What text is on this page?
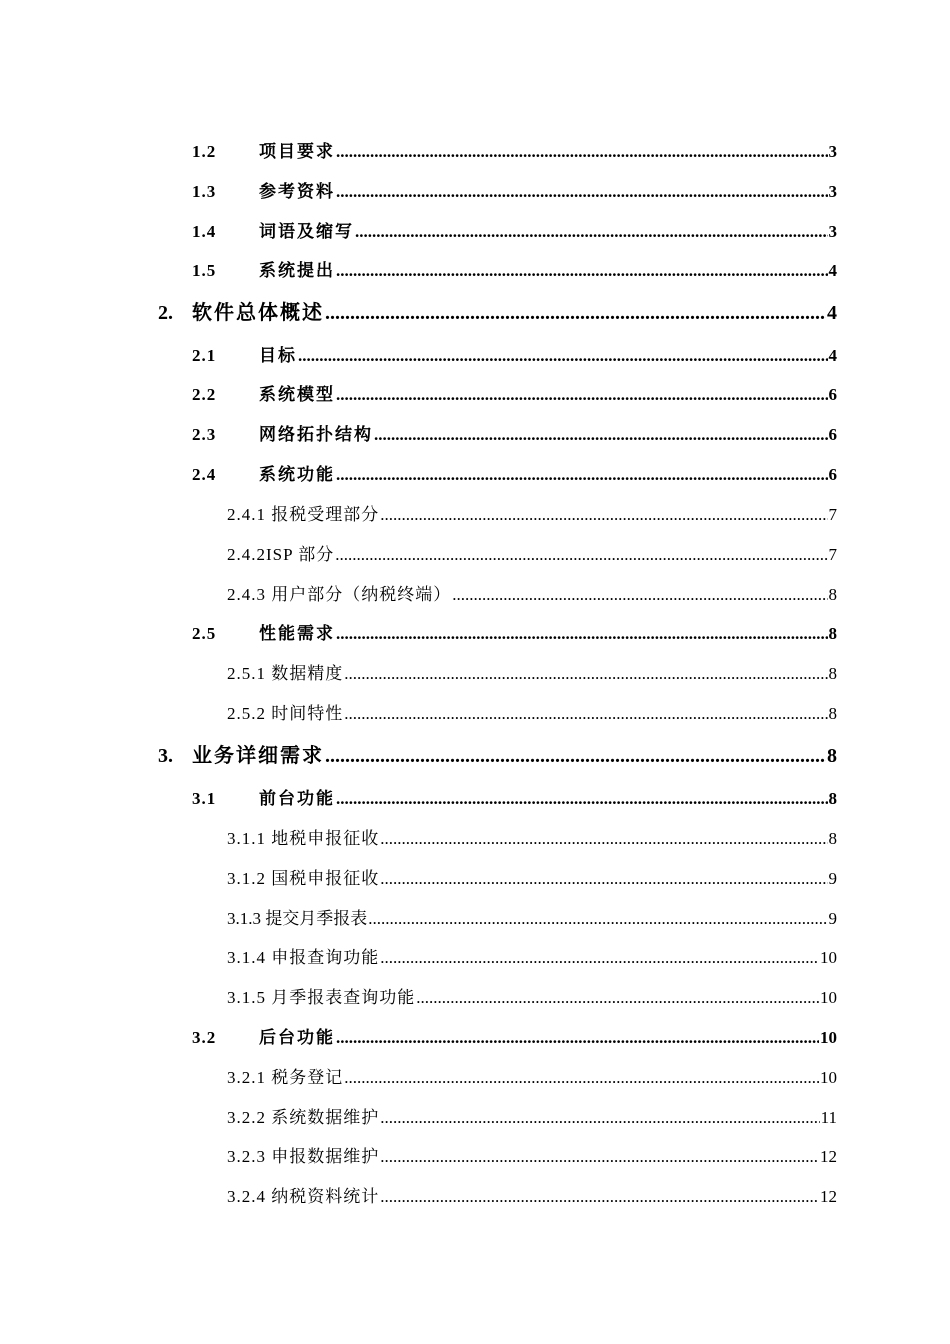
1.2	项目要求 .....	3
1.3	参考资料 .....	3
1.4	词语及缩写 .....	3
1.5	系统提出 .....	4
2. 软件总体概述 .....	4
2.1	目标 .....	4
2.2	系统模型 .....	6
2.3	网络拓扑结构 .....	6
2.4	系统功能 .....	6
2.4.1 报税受理部分 .....	7
2.4.2ISP 部分 .....	7
2.4.3 用户部分（纳税终端） .....	8
2.5	性能需求 .....	8
2.5.1 数据精度 .....	8
2.5.2 时间特性 .....	8
3. 业务详细需求 .....	8
3.1	前台功能 .....	8
3.1.1 地税申报征收 .....	8
3.1.2 国税申报征收 .....	9
3.1.3 提交月季报表 .....	9
3.1.4 申报查询功能 .....	10
3.1.5 月季报表查询功能 .....	10
3.2	后台功能 .....	10
3.2.1 税务登记 .....	10
3.2.2 系统数据维护 .....	11
3.2.3 申报数据维护 .....	12
3.2.4 纳税资料统计 .....	12
